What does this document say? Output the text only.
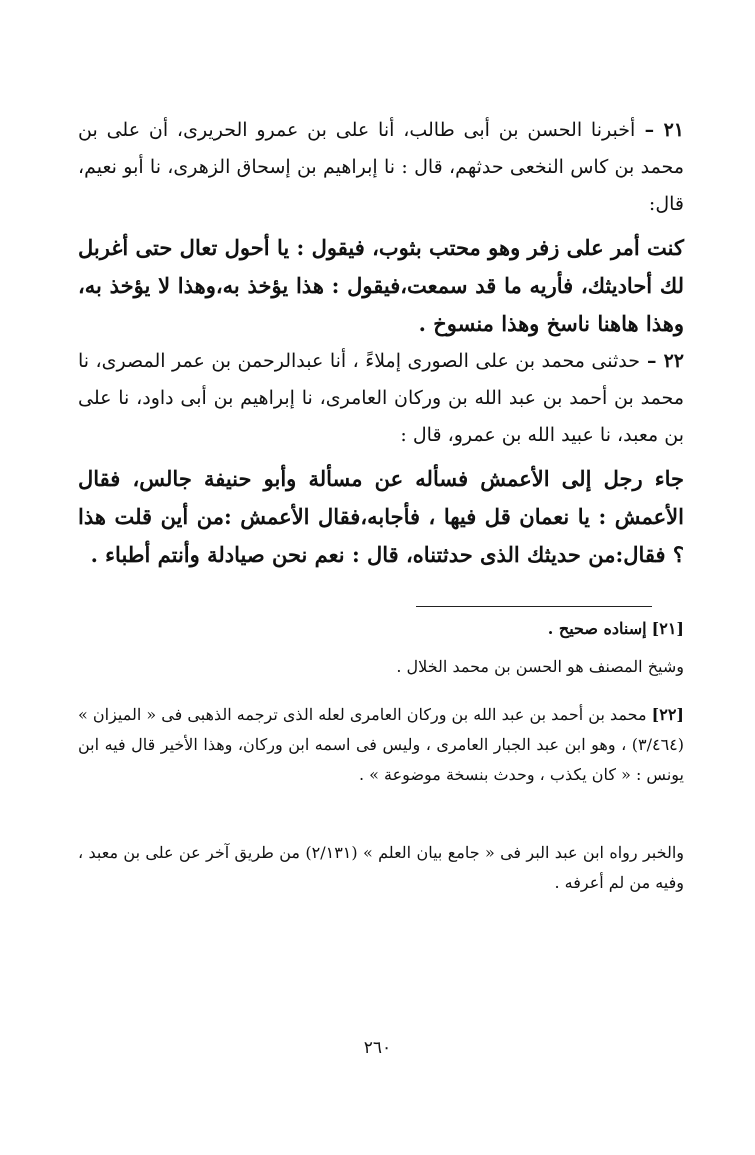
٢١ – أخبرنا الحسن بن أبى طالب، أنا على بن عمرو الحريرى، أن على بن محمد بن كاس النخعى حدثهم، قال : نا إبراهيم بن إسحاق الزهرى، نا أبو نعيم، قال:

كنت أمر على زفر وهو محتب بثوب، فيقول : يا أحول تعال حتى أغربل لك أحاديثك، فأريه ما قد سمعت،فيقول : هذا يؤخذ به،وهذا لا يؤخذ به، وهذا هاهنا ناسخ وهذا منسوخ .

٢٢ – حدثنى محمد بن على الصورى إملاءً ، أنا عبدالرحمن بن عمر المصرى، نا محمد بن أحمد بن عبد الله بن وركان العامرى، نا إبراهيم بن أبى داود، نا على بن معبد، نا عبيد الله بن عمرو، قال :

جاء رجل إلى الأعمش فسأله عن مسألة وأبو حنيفة جالس، فقال الأعمش : يا نعمان قل فيها ، فأجابه،فقال الأعمش :من أين قلت هذا ؟ فقال:من حديثك الذى حدثتناه، قال : نعم نحن صيادلة وأنتم أطباء .

[٢١] إسناده صحيح .

وشيخ المصنف هو الحسن بن محمد الخلال .

[٢٢] محمد بن أحمد بن عبد الله بن وركان العامرى لعله الذى ترجمه الذهبى فى « الميزان » (٣/٤٦٤) ، وهو ابن عبد الجبار العامرى ، وليس فى اسمه ابن وركان، وهذا الأخير قال فيه ابن يونس : « كان يكذب ، وحدث بنسخة موضوعة » .

والخبر رواه ابن عبد البر فى « جامع بيان العلم » (٢/١٣١) من طريق آخر عن على بن معبد ، وفيه من لم أعرفه .

٢٦٠
